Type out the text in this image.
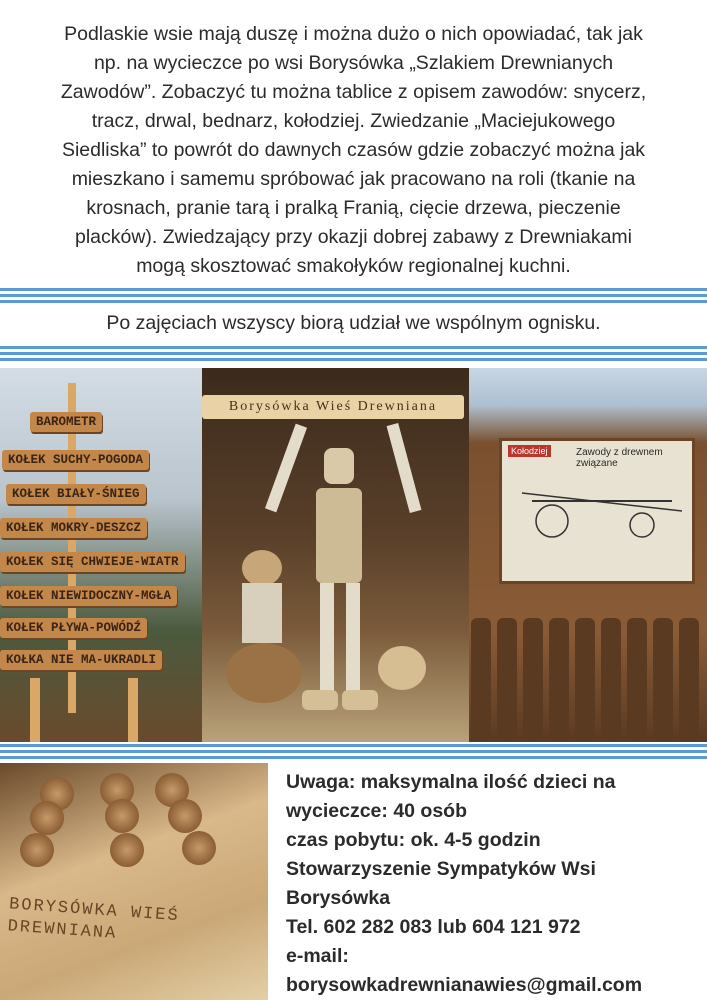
Podlaskie wsie mają duszę i można dużo o nich opowiadać, tak jak
np. na wycieczce po wsi Borysówka „Szlakiem Drewnianych
Zawodów”. Zobaczyć tu można tablice z opisem zawodów: snycerz,
tracz, drwal, bednarz, kołodziej. Zwiedzanie „Maciejukowego
Siedliska” to powrót do dawnych czasów gdzie zobaczyć można jak
mieszkano i samemu spróbować jak pracowano na roli (tkanie na
krosnach, pranie tarą i pralką Franią, cięcie drzewa, pieczenie
placków). Zwiedzający przy okazji dobrej zabawy z Drewniakami
mogą skosztować smakołyków regionalnej kuchni.
Po zajęciach wszyscy biorą udział we wspólnym ognisku.
BAROMETR
KOŁEK SUCHY-POGODA
KOŁEK BIAŁY-ŚNIEG
KOŁEK MOKRY-DESZCZ
KOŁEK SIĘ CHWIEJE-WIATR
KOŁEK NIEWIDOCZNY-MGŁA
KOŁEK PŁYWA-POWÓDŹ
KOŁKA NIE MA-UKRADLI
Borysówka Wieś Drewniana
Kołodziej	Zawody z drewnem związane
BORYSÓWKA WIEŚ DREWNIANA
Uwaga: maksymalna ilość dzieci na
wycieczce: 40 osób
czas pobytu: ok. 4-5 godzin
Stowarzyszenie Sympatyków Wsi
Borysówka
Tel. 602 282 083 lub 604 121 972
e-mail:
borysowkadrewnianawies@gmail.com
